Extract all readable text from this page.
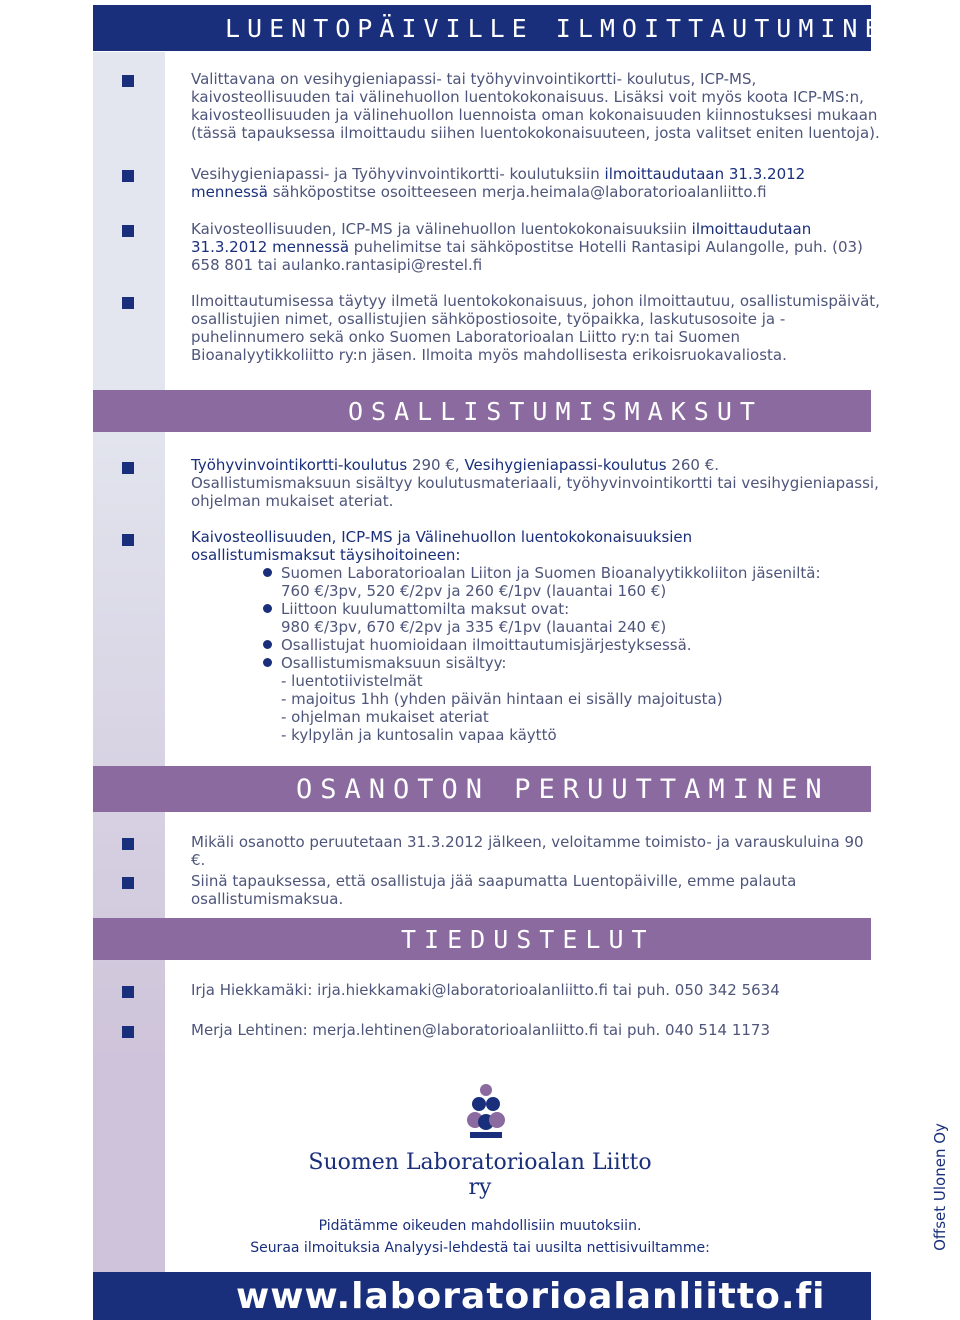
LUENTOPÄIVILLE ILMOITTAUTUMINEN

Valittavana on vesihygieniapassi- tai työhyvinvointikortti- koulutus, ICP-MS, kaivosteollisuuden tai välinehuollon luentokokonaisuus. Lisäksi voit myös koota ICP-MS:n, kaivosteollisuuden ja välinehuollon luennoista oman kokonaisuuden kiinnostuksesi mukaan (tässä tapauksessa ilmoittaudu siihen luentokokonaisuuteen, josta valitset eniten luentoja).

Vesihygieniapassi- ja Työhyvinvointikortti- koulutuksiin ilmoittaudutaan 31.3.2012 mennessä sähköpostitse osoitteeseen merja.heimala@laboratorioalanliitto.fi

Kaivosteollisuuden, ICP-MS ja välinehuollon luentokokonaisuuksiin ilmoittaudutaan 31.3.2012 mennessä puhelimitse tai sähköpostitse Hotelli Rantasipi Aulangolle, puh. (03) 658 801 tai aulanko.rantasipi@restel.fi

Ilmoittautumisessa täytyy ilmetä luentokokonaisuus, johon ilmoittautuu, osallistumispäivät, osallistujien nimet, osallistujien sähköpostiosoite, työpaikka, laskutusosoite ja -puhelinnumero sekä onko Suomen Laboratorioalan Liitto ry:n tai Suomen Bioanalyytikkoliitto ry:n jäsen. Ilmoita myös mahdollisesta erikoisruokavaliosta.

OSALLISTUMISMAKSUT

Työhyvinvointikortti-koulutus 290 €, Vesihygieniapassi-koulutus 260 €. Osallistumismaksuun sisältyy koulutusmateriaali, työhyvinvointikortti tai vesihygieniapassi, ohjelman mukaiset ateriat.

Kaivosteollisuuden, ICP-MS ja Välinehuollon luentokokonaisuuksien

osallistumismaksut täysihoitoineen:

Suomen Laboratorioalan Liiton ja Suomen Bioanalyytikkoliiton jäseniltä:

760 €/3pv, 520 €/2pv ja 260 €/1pv (lauantai 160 €)

Liittoon kuulumattomilta maksut ovat:

980 €/3pv, 670 €/2pv ja 335 €/1pv (lauantai 240 €)

Osallistujat huomioidaan ilmoittautumisjärjestyksessä.

Osallistumismaksuun sisältyy:

- luentotiivistelmät

- majoitus 1hh (yhden päivän hintaan ei sisälly majoitusta)

- ohjelman mukaiset ateriat

- kylpylän ja kuntosalin vapaa käyttö

OSANOTON PERUUTTAMINEN

Mikäli osanotto peruutetaan 31.3.2012 jälkeen, veloitamme toimisto- ja varauskuluina 90 €.

Siinä tapauksessa, että osallistuja jää saapumatta Luentopäiville, emme palauta osallistumismaksua.

TIEDUSTELUT

Irja Hiekkamäki: irja.hiekkamaki@laboratorioalanliitto.fi tai puh. 050 342 5634

Merja Lehtinen: merja.lehtinen@laboratorioalanliitto.fi tai puh. 040 514 1173

Suomen Laboratorioalan Liitto ry
Pidätämme oikeuden mahdollisiin muutoksiin.
Seuraa ilmoituksia Analyysi-lehdestä tai uusilta nettisivuiltamme:	Offset Ulonen Oy
www.laboratorioalanliitto.fi
